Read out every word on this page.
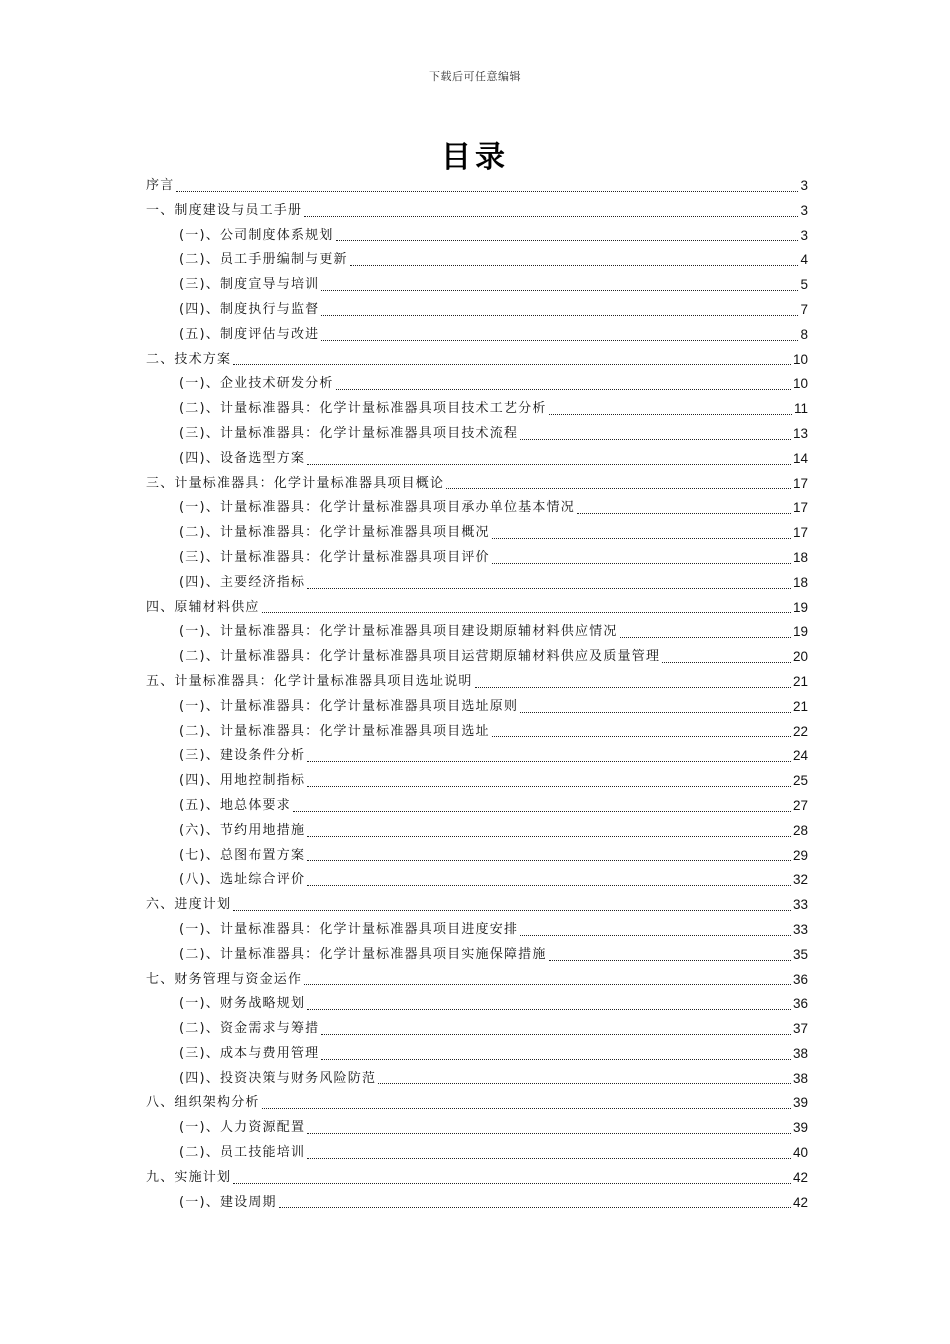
下载后可任意编辑
目录
序言	3
一、制度建设与员工手册	3
(一)、公司制度体系规划	3
(二)、员工手册编制与更新	4
(三)、制度宣导与培训	5
(四)、制度执行与监督	7
(五)、制度评估与改进	8
二、技术方案	10
(一)、企业技术研发分析	10
(二)、计量标准器具：化学计量标准器具项目技术工艺分析	11
(三)、计量标准器具：化学计量标准器具项目技术流程	13
(四)、设备选型方案	14
三、计量标准器具：化学计量标准器具项目概论	17
(一)、计量标准器具：化学计量标准器具项目承办单位基本情况	17
(二)、计量标准器具：化学计量标准器具项目概况	17
(三)、计量标准器具：化学计量标准器具项目评价	18
(四)、主要经济指标	18
四、原辅材料供应	19
(一)、计量标准器具：化学计量标准器具项目建设期原辅材料供应情况	19
(二)、计量标准器具：化学计量标准器具项目运营期原辅材料供应及质量管理	20
五、计量标准器具：化学计量标准器具项目选址说明	21
(一)、计量标准器具：化学计量标准器具项目选址原则	21
(二)、计量标准器具：化学计量标准器具项目选址	22
(三)、建设条件分析	24
(四)、用地控制指标	25
(五)、地总体要求	27
(六)、节约用地措施	28
(七)、总图布置方案	29
(八)、选址综合评价	32
六、进度计划	33
(一)、计量标准器具：化学计量标准器具项目进度安排	33
(二)、计量标准器具：化学计量标准器具项目实施保障措施	35
七、财务管理与资金运作	36
(一)、财务战略规划	36
(二)、资金需求与筹措	37
(三)、成本与费用管理	38
(四)、投资决策与财务风险防范	38
八、组织架构分析	39
(一)、人力资源配置	39
(二)、员工技能培训	40
九、实施计划	42
(一)、建设周期	42
